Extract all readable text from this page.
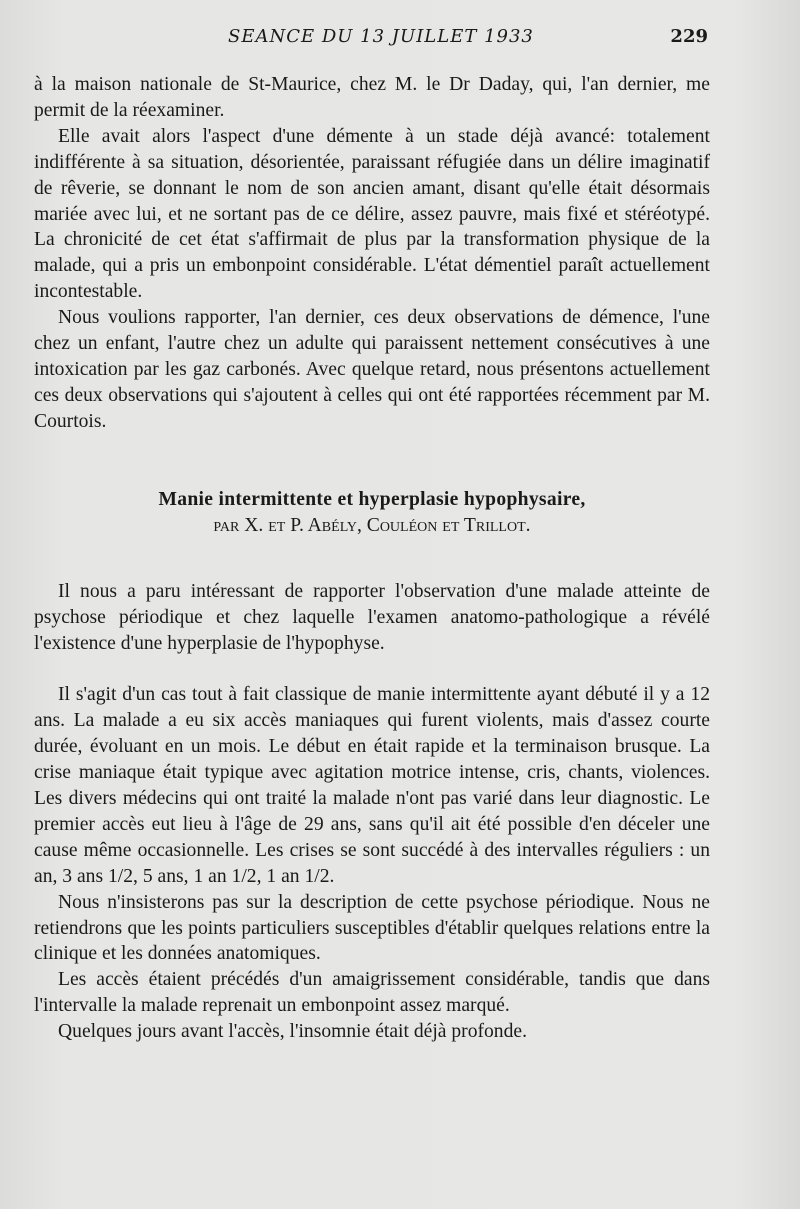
SEANCE DU 13 JUILLET 1933	229

à la maison nationale de St-Maurice, chez M. le Dr Daday, qui, l'an dernier, me permit de la réexaminer.

Elle avait alors l'aspect d'une démente à un stade déjà avancé: totalement indifférente à sa situation, désorientée, paraissant réfugiée dans un délire imaginatif de rêverie, se donnant le nom de son ancien amant, disant qu'elle était désormais mariée avec lui, et ne sortant pas de ce délire, assez pauvre, mais fixé et stéréotypé. La chronicité de cet état s'affirmait de plus par la transformation physique de la malade, qui a pris un embonpoint considérable. L'état démentiel paraît actuellement incontestable.

Nous voulions rapporter, l'an dernier, ces deux observations de démence, l'une chez un enfant, l'autre chez un adulte qui paraissent nettement consécutives à une intoxication par les gaz carbonés. Avec quelque retard, nous présentons actuellement ces deux observations qui s'ajoutent à celles qui ont été rapportées récemment par M. Courtois.

Manie intermittente et hyperplasie hypophysaire,

par X. et P. Abély, Couléon et Trillot.

Il nous a paru intéressant de rapporter l'observation d'une malade atteinte de psychose périodique et chez laquelle l'examen anatomo-pathologique a révélé l'existence d'une hyperplasie de l'hypophyse.

Il s'agit d'un cas tout à fait classique de manie intermittente ayant débuté il y a 12 ans. La malade a eu six accès maniaques qui furent violents, mais d'assez courte durée, évoluant en un mois. Le début en était rapide et la terminaison brusque. La crise maniaque était typique avec agitation motrice intense, cris, chants, violences. Les divers médecins qui ont traité la malade n'ont pas varié dans leur diagnostic. Le premier accès eut lieu à l'âge de 29 ans, sans qu'il ait été possible d'en déceler une cause même occasionnelle. Les crises se sont succédé à des intervalles réguliers : un an, 3 ans 1/2, 5 ans, 1 an 1/2, 1 an 1/2.

Nous n'insisterons pas sur la description de cette psychose périodique. Nous ne retiendrons que les points particuliers susceptibles d'établir quelques relations entre la clinique et les données anatomiques.

Les accès étaient précédés d'un amaigrissement considérable, tandis que dans l'intervalle la malade reprenait un embonpoint assez marqué.

Quelques jours avant l'accès, l'insomnie était déjà profonde.
